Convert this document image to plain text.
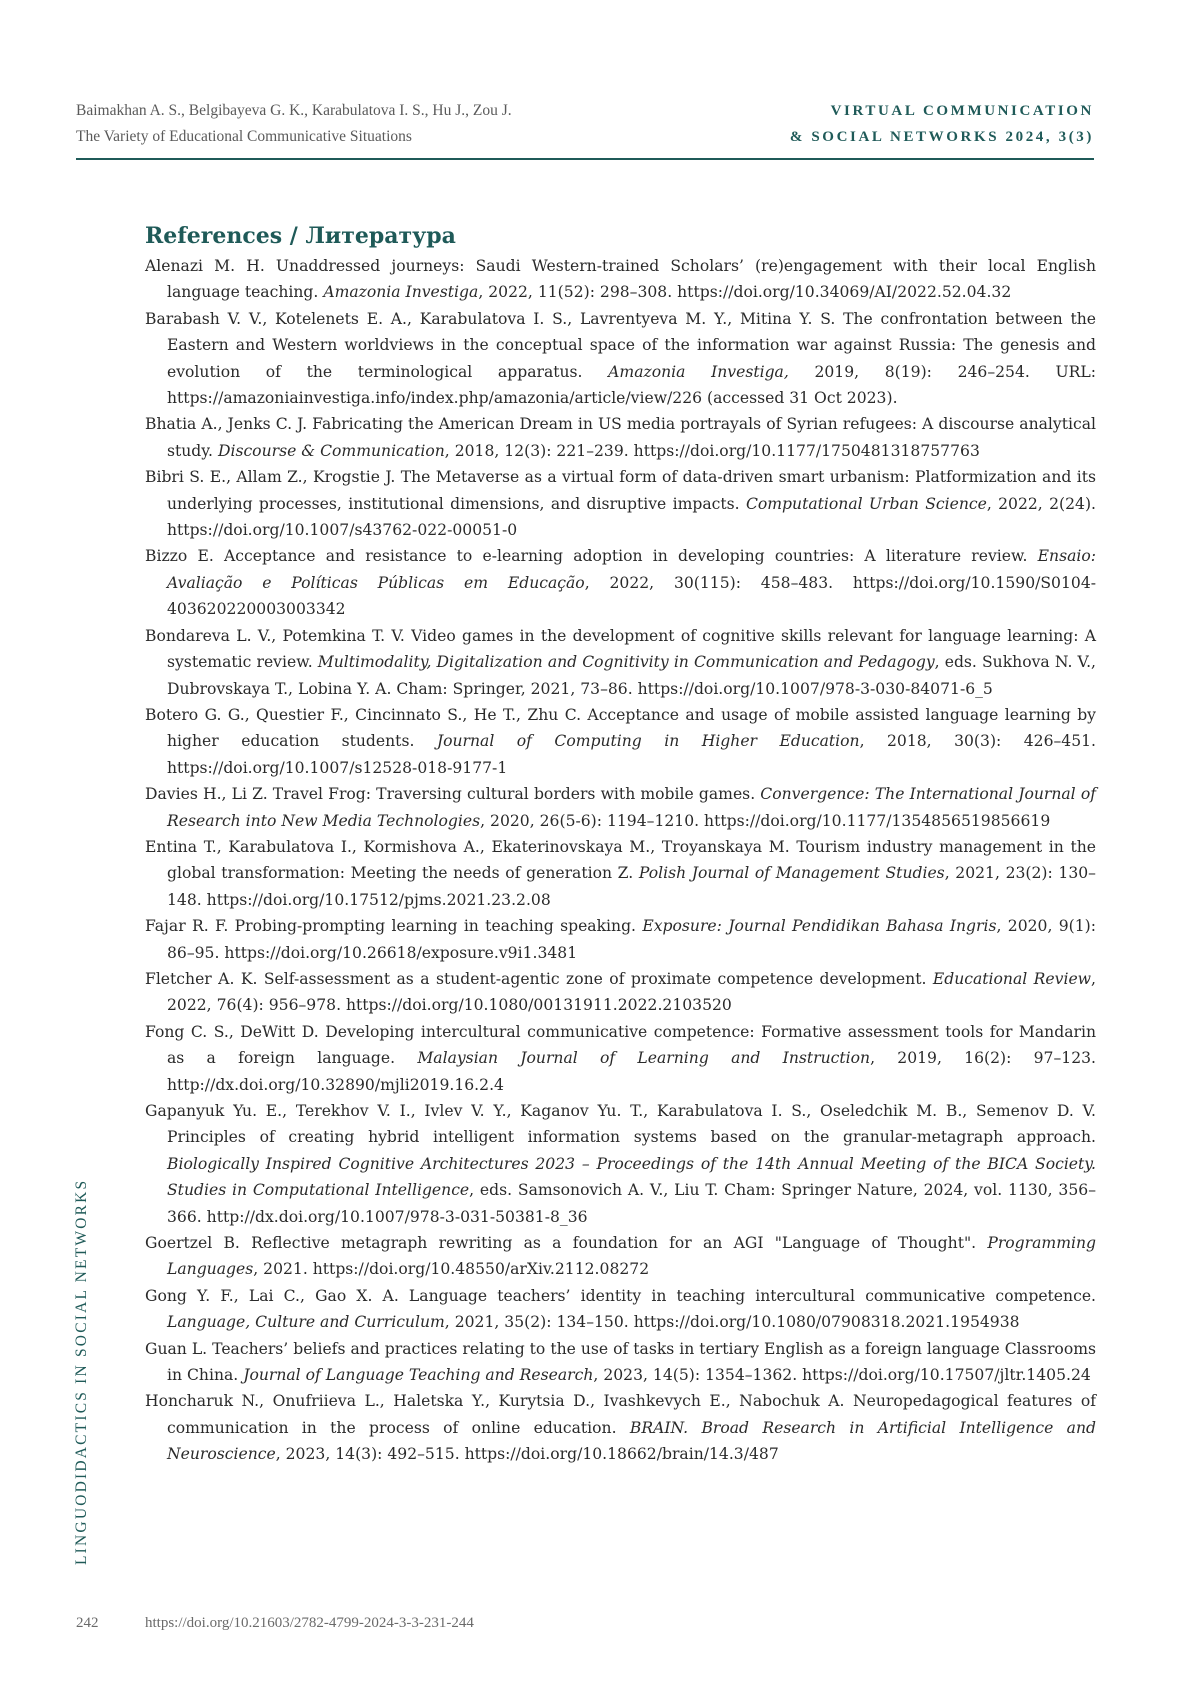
Baimakhan A. S., Belgibayeva G. K., Karabulatova I. S., Hu J., Zou J.
The Variety of Educational Communicative Situations
VIRTUAL COMMUNICATION
& SOCIAL NETWORKS 2024, 3(3)
References / Литература
Alenazi M. H. Unaddressed journeys: Saudi Western-trained Scholars’ (re)engagement with their local English language teaching. Amazonia Investiga, 2022, 11(52): 298–308. https://doi.org/10.34069/AI/2022.52.04.32
Barabash V. V., Kotelenets E. A., Karabulatova I. S., Lavrentyeva M. Y., Mitina Y. S. The confrontation between the Eastern and Western worldviews in the conceptual space of the information war against Russia: The genesis and evolution of the terminological apparatus. Amazonia Investiga, 2019, 8(19): 246–254. URL: https://amazoniainvestiga.info/index.php/amazonia/article/view/226 (accessed 31 Oct 2023).
Bhatia A., Jenks C. J. Fabricating the American Dream in US media portrayals of Syrian refugees: A discourse analytical study. Discourse & Communication, 2018, 12(3): 221–239. https://doi.org/10.1177/1750481318757763
Bibri S. E., Allam Z., Krogstie J. The Metaverse as a virtual form of data-driven smart urbanism: Platformization and its underlying processes, institutional dimensions, and disruptive impacts. Computational Urban Science, 2022, 2(24). https://doi.org/10.1007/s43762-022-00051-0
Bizzo E. Acceptance and resistance to e-learning adoption in developing countries: A literature review. Ensaio: Avaliação e Políticas Públicas em Educação, 2022, 30(115): 458–483. https://doi.org/10.1590/S0104-403620220003003342
Bondareva L. V., Potemkina T. V. Video games in the development of cognitive skills relevant for language learning: A systematic review. Multimodality, Digitalization and Cognitivity in Communication and Pedagogy, eds. Sukhova N. V., Dubrovskaya T., Lobina Y. A. Cham: Springer, 2021, 73–86. https://doi.org/10.1007/978-3-030-84071-6_5
Botero G. G., Questier F., Cincinnato S., He T., Zhu C. Acceptance and usage of mobile assisted language learning by higher education students. Journal of Computing in Higher Education, 2018, 30(3): 426–451. https://doi.org/10.1007/s12528-018-9177-1
Davies H., Li Z. Travel Frog: Traversing cultural borders with mobile games. Convergence: The International Journal of Research into New Media Technologies, 2020, 26(5-6): 1194–1210. https://doi.org/10.1177/1354856519856619
Entina T., Karabulatova I., Kormishova A., Ekaterinovskaya M., Troyanskaya M. Tourism industry management in the global transformation: Meeting the needs of generation Z. Polish Journal of Management Studies, 2021, 23(2): 130–148. https://doi.org/10.17512/pjms.2021.23.2.08
Fajar R. F. Probing-prompting learning in teaching speaking. Exposure: Journal Pendidikan Bahasa Ingris, 2020, 9(1): 86–95. https://doi.org/10.26618/exposure.v9i1.3481
Fletcher A. K. Self-assessment as a student-agentic zone of proximate competence development. Educational Review, 2022, 76(4): 956–978. https://doi.org/10.1080/00131911.2022.2103520
Fong C. S., DeWitt D. Developing intercultural communicative competence: Formative assessment tools for Mandarin as a foreign language. Malaysian Journal of Learning and Instruction, 2019, 16(2): 97–123. http://dx.doi.org/10.32890/mjli2019.16.2.4
Gapanyuk Yu. E., Terekhov V. I., Ivlev V. Y., Kaganov Yu. T., Karabulatova I. S., Oseledchik M. B., Semenov D. V. Principles of creating hybrid intelligent information systems based on the granular-metagraph approach. Biologically Inspired Cognitive Architectures 2023 – Proceedings of the 14th Annual Meeting of the BICA Society. Studies in Computational Intelligence, eds. Samsonovich A. V., Liu T. Cham: Springer Nature, 2024, vol. 1130, 356–366. http://dx.doi.org/10.1007/978-3-031-50381-8_36
Goertzel B. Reflective metagraph rewriting as a foundation for an AGI "Language of Thought". Programming Languages, 2021. https://doi.org/10.48550/arXiv.2112.08272
Gong Y. F., Lai C., Gao X. A. Language teachers’ identity in teaching intercultural communicative competence. Language, Culture and Curriculum, 2021, 35(2): 134–150. https://doi.org/10.1080/07908318.2021.1954938
Guan L. Teachers’ beliefs and practices relating to the use of tasks in tertiary English as a foreign language Classrooms in China. Journal of Language Teaching and Research, 2023, 14(5): 1354–1362. https://doi.org/10.17507/jltr.1405.24
Honcharuk N., Onufriieva L., Haletska Y., Kurytsia D., Ivashkevych E., Nabochuk A. Neuropedagogical features of communication in the process of online education. BRAIN. Broad Research in Artificial Intelligence and Neuroscience, 2023, 14(3): 492–515. https://doi.org/10.18662/brain/14.3/487
LINGUODIDACTICS IN SOCIAL NETWORKS
242	https://doi.org/10.21603/2782-4799-2024-3-3-231-244
